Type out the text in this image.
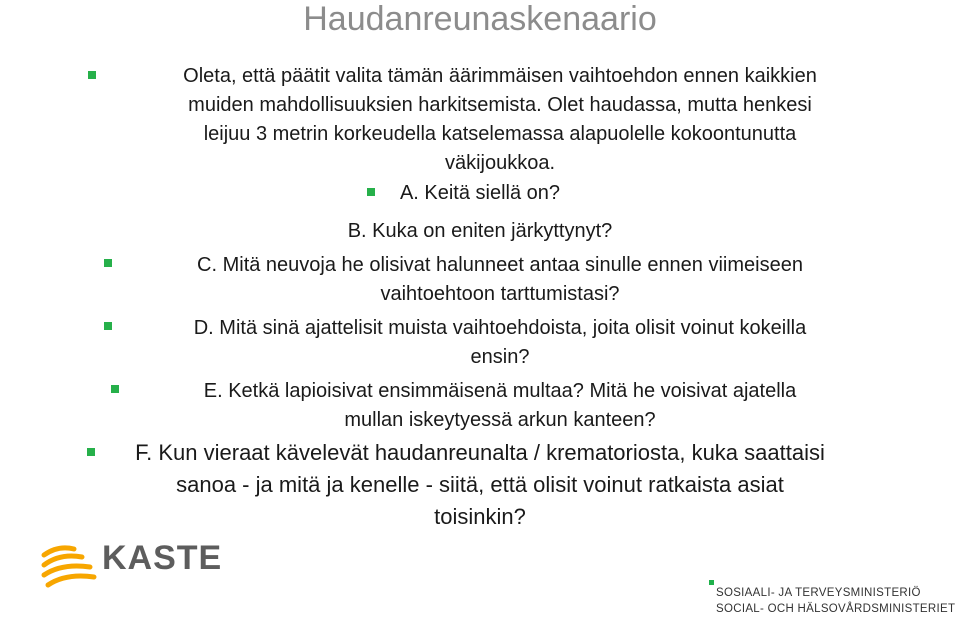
Haudanreunaskenaario
Oleta, että päätit valita tämän äärimmäisen vaihtoehdon ennen kaikkien
muiden mahdollisuuksien harkitsemista. Olet haudassa, mutta henkesi
leijuu 3 metrin korkeudella katselemassa alapuolelle kokoontunutta
väkijoukkoa.
A. Keitä siellä on?
B. Kuka on eniten järkyttynyt?
C. Mitä neuvoja he olisivat halunneet antaa sinulle ennen viimeiseen
vaihtoehtoon tarttumistasi?
D. Mitä sinä ajattelisit muista vaihtoehdoista, joita olisit voinut kokeilla
ensin?
E. Ketkä lapioisivat ensimmäisenä multaa? Mitä he voisivat ajatella
mullan iskeytyessä arkun kanteen?
F. Kun vieraat kävelevät haudanreunalta / krematoriosta, kuka saattaisi
sanoa - ja mitä ja kenelle - siitä, että olisit voinut ratkaista asiat
toisinkin?
KASTE
SOSIAALI- JA TERVEYSMINISTERIÖ
SOCIAL- OCH HÄLSOVÅRDSMINISTERIET
